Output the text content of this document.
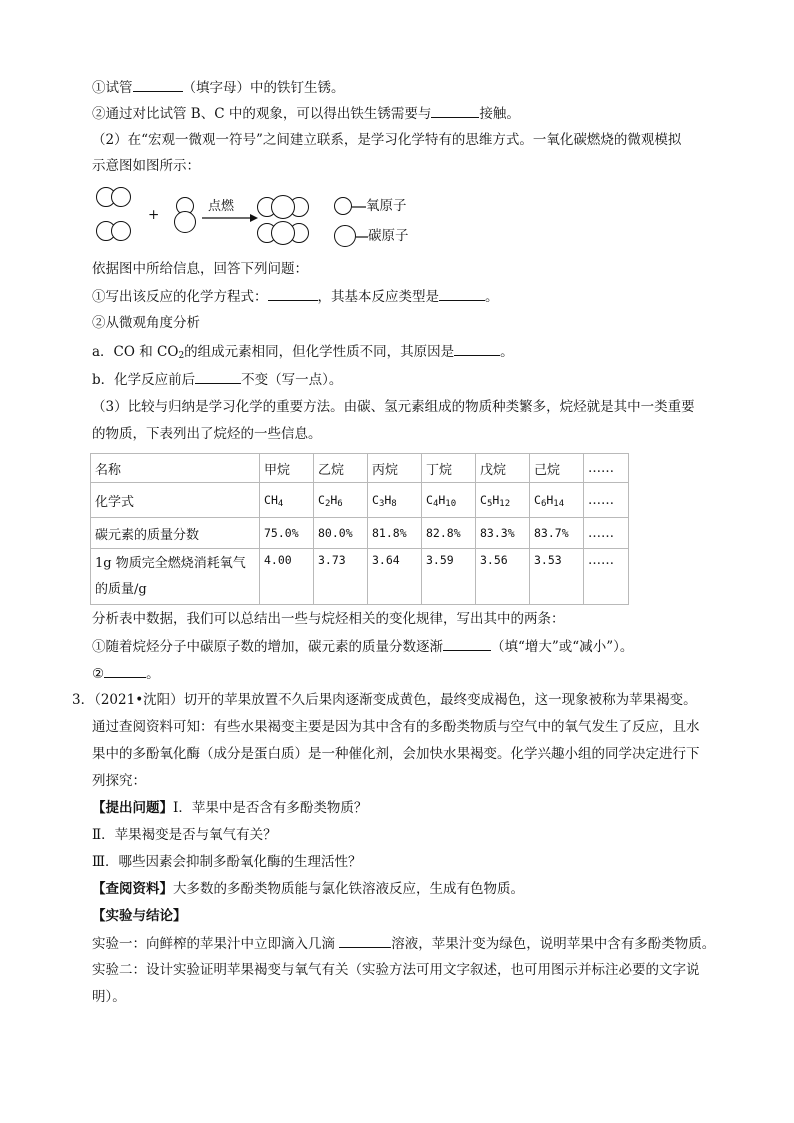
①试管	（填字母）中的铁钉生锈。
②通过对比试管 B、C 中的观象，可以得出铁生锈需要与	接触。
（2）在“宏观一微观一符号”之间建立联系，是学习化学特有的思维方式。一氧化碳燃烧的微观模拟
示意图如图所示：
+
点燃	氧原子
碳原子
依据图中所给信息，回答下列问题：
①写出该反应的化学方程式：	，其基本反应类型是	。
②从微观角度分析
a．CO 和 $CO_2$的组成元素相同，但化学性质不同，其原因是	。
b．化学反应前后	不变（写一点）。
（3）比较与归纳是学习化学的重要方法。由碳、氢元素组成的物质种类繁多，烷烃就是其中一类重要
的物质，下表列出了烷烃的一些信息。
名称	甲烷	乙烷	丙烷	丁烷	戊烷	己烷	……
化学式	$CH_4$	$C_2H_6$	$C_3H_8$	$C_4H_{10}$	$C_5H_{12}$	$C_6H_{14}$	……
碳元素的质量分数	75.0%	80.0%	81.8%	82.8%	83.3%	83.7%	……

1g 物质完全燃烧消耗氧气
的质量/g	4.00	3.73	3.64	3.59	3.56	3.53	……
分析表中数据，我们可以总结出一些与烷烃相关的变化规律，写出其中的两条：
①随着烷烃分子中碳原子数的增加，碳元素的质量分数逐渐	（填“增大”或“减小”）。
②	。
3．（2021•沈阳）切开的苹果放置不久后果肉逐渐变成黄色，最终变成褐色，这一现象被称为苹果褐变。
通过查阅资料可知：有些水果褐变主要是因为其中含有的多酚类物质与空气中的氧气发生了反应，且水
果中的多酚氧化酶（成分是蛋白质）是一种催化剂，会加快水果褐变。化学兴趣小组的同学决定进行下
列探究：
【提出问题】Ⅰ．苹果中是否含有多酚类物质？
Ⅱ．苹果褐变是否与氧气有关？
Ⅲ．哪些因素会抑制多酚氧化酶的生理活性？
【查阅资料】大多数的多酚类物质能与氯化铁溶液反应，生成有色物质。
【实验与结论】
实验一：向鲜榨的苹果汁中立即滴入几滴	溶液，苹果汁变为绿色，说明苹果中含有多酚类物质。
实验二：设计实验证明苹果褐变与氧气有关（实验方法可用文字叙述，也可用图示并标注必要的文字说
明）。
